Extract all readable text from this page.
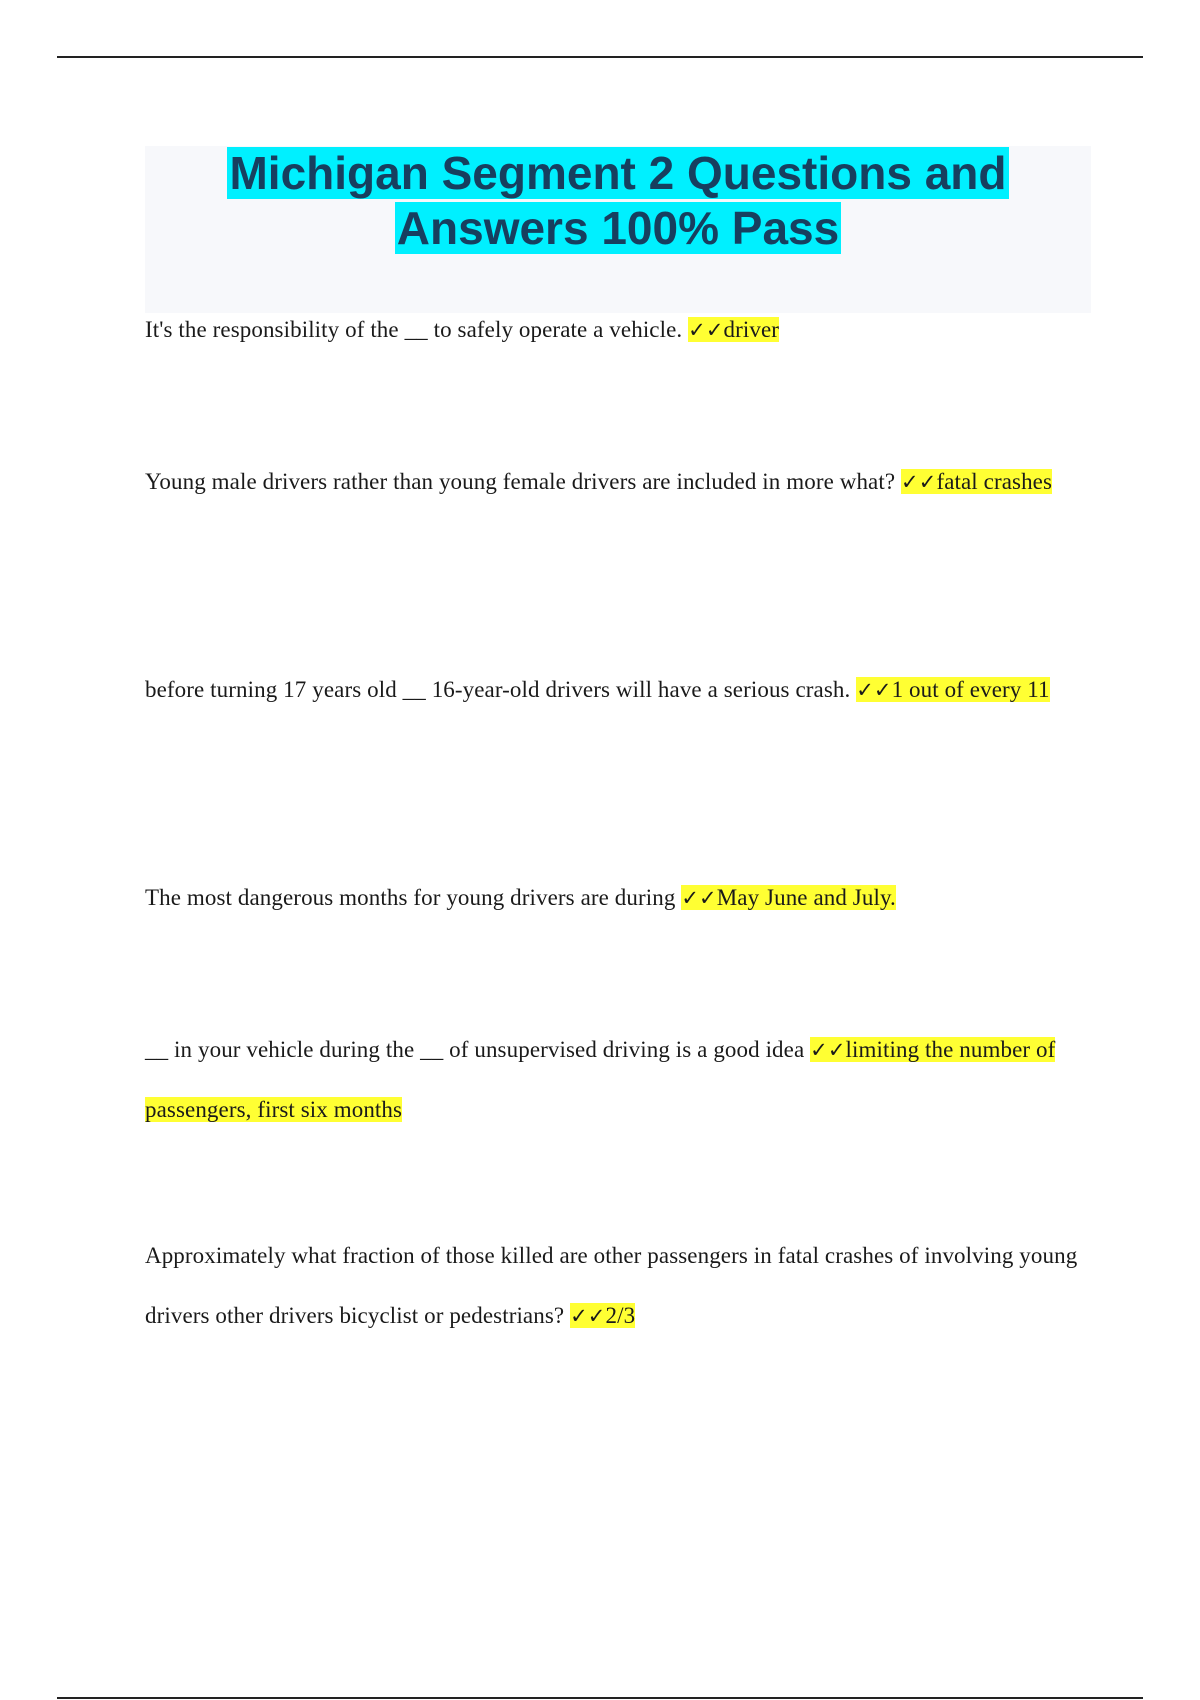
Michigan Segment 2 Questions and Answers 100% Pass

It's the responsibility of the __ to safely operate a vehicle. ✓✓driver

Young male drivers rather than young female drivers are included in more what? ✓✓fatal crashes

before turning 17 years old __ 16-year-old drivers will have a serious crash. ✓✓1 out of every 11

The most dangerous months for young drivers are during ✓✓May June and July.

__ in your vehicle during the __ of unsupervised driving is a good idea ✓✓limiting the number of passengers, first six months

Approximately what fraction of those killed are other passengers in fatal crashes of involving young drivers other drivers bicyclist or pedestrians? ✓✓2/3
